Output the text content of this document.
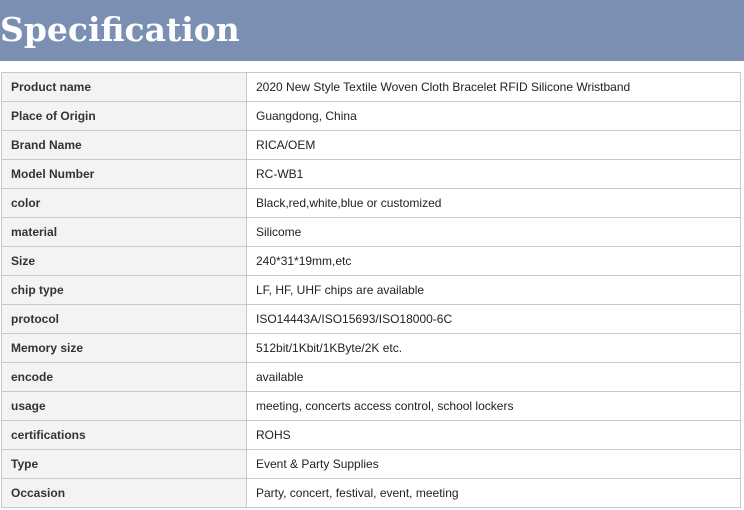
Specification
Product name	2020 New Style Textile Woven Cloth Bracelet RFID Silicone Wristband
Place of Origin	Guangdong, China
Brand Name	RICA/OEM
Model Number	RC-WB1
color	Black,red,white,blue or customized
material	Silicome
Size	240*31*19mm,etc
chip type	LF, HF, UHF chips are available
protocol	ISO14443A/ISO15693/ISO18000-6C
Memory size	512bit/1Kbit/1KByte/2K etc.
encode	available
usage	meeting, concerts access control, school lockers
certifications	ROHS
Type	Event & Party Supplies
Occasion	Party, concert, festival, event, meeting
